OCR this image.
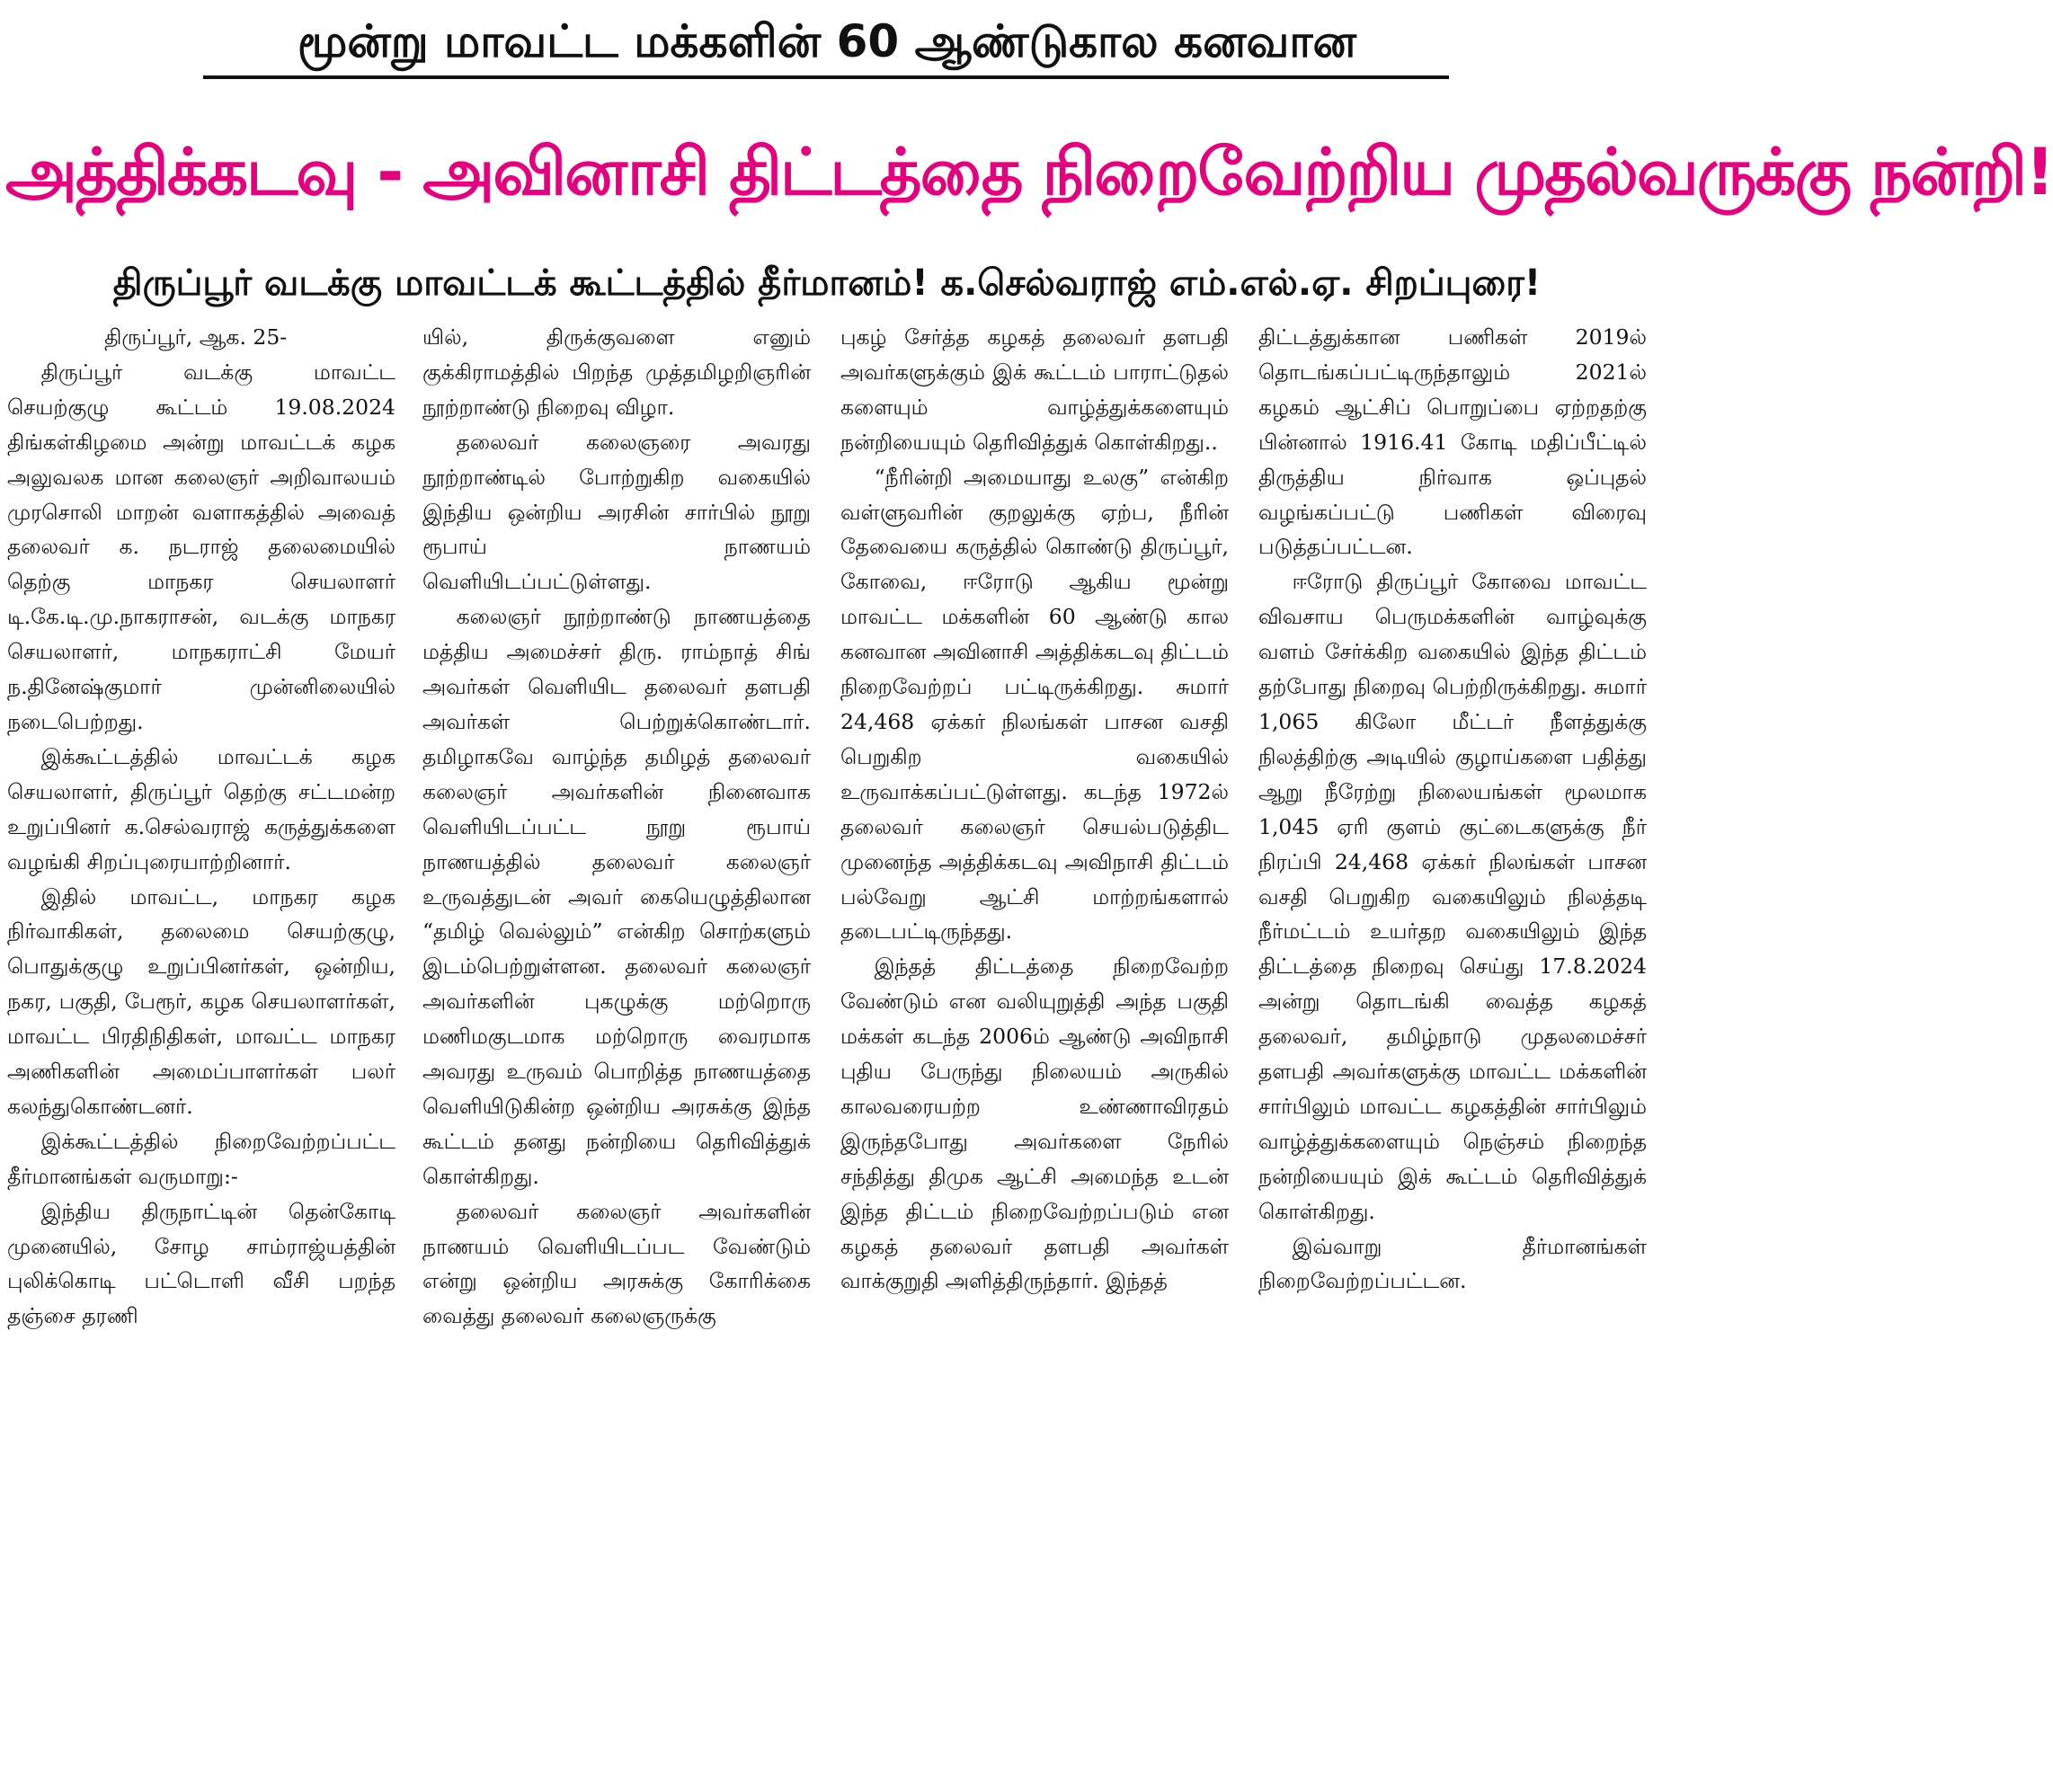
மூன்று மாவட்ட மக்களின் 60 ஆண்டுகால கனவான
அத்திக்கடவு - அவினாசி திட்டத்தை நிறைவேற்றிய முதல்வருக்கு நன்றி!
திருப்பூர் வடக்கு மாவட்டக் கூட்டத்தில் தீர்மானம்! க.செல்வராஜ் எம்.எல்.ஏ. சிறப்புரை!

திருப்பூர், ஆக. 25-

திருப்பூர் வடக்கு மாவட்ட செயற்குழு கூட்டம் 19.08.2024 திங்கள்கிழமை அன்று மாவட்டக் கழக அலுவலக மான கலைஞர் அறிவாலயம் முரசொலி மாறன் வளாகத்தில் அவைத் தலைவர் க. நடராஜ் தலைமையில் தெற்கு மாநகர செயலாளர் டி.கே.டி.மு.நாகராசன், வடக்கு மாநகர செயலாளர், மாநகராட்சி மேயர் ந.தினேஷ்குமார் முன்னிலையில் நடைபெற்றது.

இக்கூட்டத்தில் மாவட்டக் கழக செயலாளர், திருப்பூர் தெற்கு சட்டமன்ற உறுப்பினர் க.செல்வராஜ் கருத்துக்களை வழங்கி சிறப்புரையாற்றினார்.

இதில் மாவட்ட, மாநகர கழக நிர்வாகிகள், தலைமை செயற்குழு, பொதுக்குழு உறுப்பினர்கள், ஒன்றிய, நகர, பகுதி, பேரூர், கழக செயலாளர்கள், மாவட்ட பிரதிநிதிகள், மாவட்ட மாநகர அணிகளின் அமைப்பாளர்கள் பலர் கலந்துகொண்டனர்.

இக்கூட்டத்தில் நிறைவேற்றப்பட்ட தீர்மானங்கள் வருமாறு:-

இந்திய திருநாட்டின் தென்கோடி முனையில், சோழ சாம்ராஜ்யத்தின் புலிக்கொடி பட்டொளி வீசி பறந்த தஞ்சை தரணி

யில், திருக்குவளை எனும் குக்கிராமத்தில் பிறந்த முத்தமிழறிஞரின் நூற்றாண்டு நிறைவு விழா.

தலைவர் கலைஞரை அவரது நூற்றாண்டில் போற்றுகிற வகையில் இந்திய ஒன்றிய அரசின் சார்பில் நூறு ரூபாய் நாணயம் வெளியிடப்பட்டுள்ளது.

கலைஞர் நூற்றாண்டு நாணயத்தை மத்திய அமைச்சர் திரு. ராம்நாத் சிங் அவர்கள் வெளியிட தலைவர் தளபதி அவர்கள் பெற்றுக்கொண்டார். தமிழாகவே வாழ்ந்த தமிழத் தலைவர் கலைஞர் அவர்களின் நினைவாக வெளியிடப்பட்ட நூறு ரூபாய் நாணயத்தில் தலைவர் கலைஞர் உருவத்துடன் அவர் கையெழுத்திலான “தமிழ் வெல்லும்” என்கிற சொற்களும் இடம்பெற்றுள்ளன. தலைவர் கலைஞர் அவர்களின் புகழுக்கு மற்றொரு மணிமகுடமாக மற்றொரு வைரமாக அவரது உருவம் பொறித்த நாணயத்தை வெளியிடுகின்ற ஒன்றிய அரசுக்கு இந்த கூட்டம் தனது நன்றியை தெரிவித்துக் கொள்கிறது.

தலைவர் கலைஞர் அவர்களின் நாணயம் வெளியிடப்பட வேண்டும் என்று ஒன்றிய அரசுக்கு கோரிக்கை வைத்து தலைவர் கலைஞருக்கு

புகழ் சேர்த்த கழகத் தலைவர் தளபதி அவர்களுக்கும் இக் கூட்டம் பாராட்டுதல் களையும் வாழ்த்துக்களையும் நன்றியையும் தெரிவித்துக் கொள்கிறது..

“நீரின்றி அமையாது உலகு” என்கிற வள்ளுவரின் குறலுக்கு ஏற்ப, நீரின் தேவையை கருத்தில் கொண்டு திருப்பூர், கோவை, ஈரோடு ஆகிய மூன்று மாவட்ட மக்களின் 60 ஆண்டு கால கனவான அவினாசி அத்திக்கடவு திட்டம் நிறைவேற்றப் பட்டிருக்கிறது. சுமார் 24,468 ஏக்கர் நிலங்கள் பாசன வசதி பெறுகிற வகையில் உருவாக்கப்பட்டுள்ளது. கடந்த 1972ல் தலைவர் கலைஞர் செயல்படுத்திட முனைந்த அத்திக்கடவு அவிநாசி திட்டம் பல்வேறு ஆட்சி மாற்றங்களால் தடைபட்டிருந்தது.

இந்தத் திட்டத்தை நிறைவேற்ற வேண்டும் என வலியுறுத்தி அந்த பகுதி மக்கள் கடந்த 2006ம் ஆண்டு அவிநாசி புதிய பேருந்து நிலையம் அருகில் காலவரையற்ற உண்ணாவிரதம் இருந்தபோது அவர்களை நேரில் சந்தித்து திமுக ஆட்சி அமைந்த உடன் இந்த திட்டம் நிறைவேற்றப்படும் என கழகத் தலைவர் தளபதி அவர்கள் வாக்குறுதி அளித்திருந்தார். இந்தத்

திட்டத்துக்கான பணிகள் 2019ல் தொடங்கப்பட்டிருந்தாலும் 2021ல் கழகம் ஆட்சிப் பொறுப்பை ஏற்றதற்கு பின்னால் 1916.41 கோடி மதிப்பீட்டில் திருத்திய நிர்வாக ஒப்புதல் வழங்கப்பட்டு பணிகள் விரைவு படுத்தப்பட்டன.

ஈரோடு திருப்பூர் கோவை மாவட்ட விவசாய பெருமக்களின் வாழ்வுக்கு வளம் சேர்க்கிற வகையில் இந்த திட்டம் தற்போது நிறைவு பெற்றிருக்கிறது. சுமார் 1,065 கிலோ மீட்டர் நீளத்துக்கு நிலத்திற்கு அடியில் குழாய்களை பதித்து ஆறு நீரேற்று நிலையங்கள் மூலமாக 1,045 ஏரி குளம் குட்டைகளுக்கு நீர் நிரப்பி 24,468 ஏக்கர் நிலங்கள் பாசன வசதி பெறுகிற வகையிலும் நிலத்தடி நீர்மட்டம் உயர்தற வகையிலும் இந்த திட்டத்தை நிறைவு செய்து 17.8.2024 அன்று தொடங்கி வைத்த கழகத் தலைவர், தமிழ்நாடு முதலமைச்சர் தளபதி அவர்களுக்கு மாவட்ட மக்களின் சார்பிலும் மாவட்ட கழகத்தின் சார்பிலும் வாழ்த்துக்களையும் நெஞ்சம் நிறைந்த நன்றியையும் இக் கூட்டம் தெரிவித்துக் கொள்கிறது.

இவ்வாறு தீர்மானங்கள் நிறைவேற்றப்பட்டன.
